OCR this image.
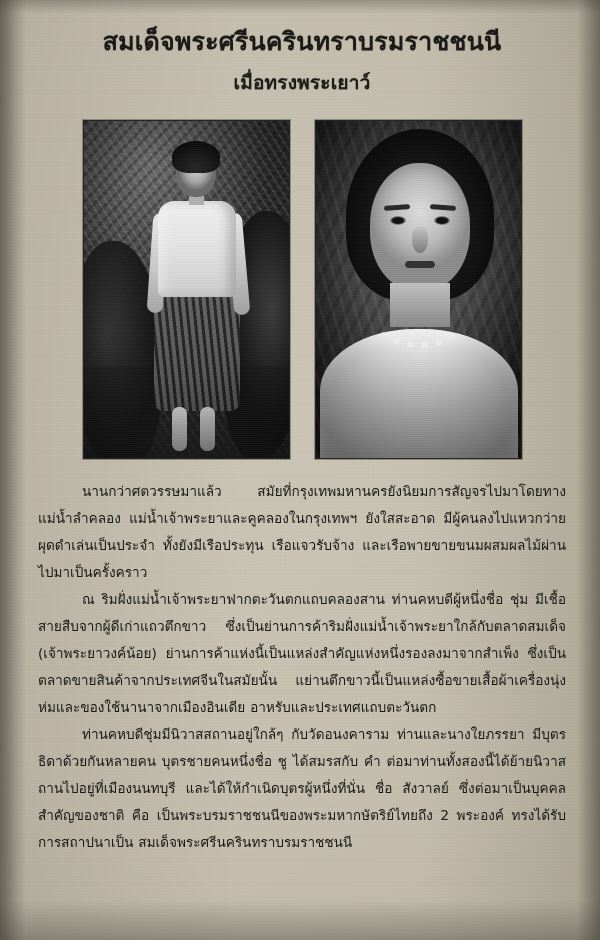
สมเด็จพระศรีนครินทราบรมราชชนนี
เมื่อทรงพระเยาว์

นานกว่าศตวรรษมาแล้ว สมัยที่กรุงเทพมหานครยังนิยมการสัญจรไปมาโดยทางแม่น้ำลำคลอง แม่น้ำเจ้าพระยาและคูคลองในกรุงเทพฯ ยังใสสะอาด มีผู้คนลงไปแหวกว่ายผุดดำเล่นเป็นประจำ ทั้งยังมีเรือประทุน เรือแจวรับจ้าง และเรือพายขายขนมผสมผลไม้ผ่านไปมาเป็นครั้งคราว

ณ ริมฝั่งแม่น้ำเจ้าพระยาฟากตะวันตกแถบคลองสาน ท่านคหบดีผู้หนึ่งชื่อ ชุ่ม มีเชื้อสายสืบจากผู้ดีเก่าแถวตึกขาว ซึ่งเป็นย่านการค้าริมฝั่งแม่น้ำเจ้าพระยาใกล้กับตลาดสมเด็จ (เจ้าพระยาวงค์น้อย) ย่านการค้าแห่งนี้เป็นแหล่งสำคัญแห่งหนึ่งรองลงมาจากสำเพ็ง ซึ่งเป็นตลาดขายสินค้าจากประเทศจีนในสมัยนั้น แย่านตึกขาวนี้เป็นแหล่งซื้อขายเสื้อผ้าเครื่องนุ่งห่มและของใช้นานาจากเมืองอินเดีย อาหรับและประเทศแถบตะวันตก

ท่านคหบดีชุ่มมีนิวาสสถานอยู่ใกล้ๆ กับวัดอนงคาราม ท่านและนางใยภรรยา มีบุตรธิดาด้วยกันหลายคน บุตรชายคนหนึ่งชื่อ ชู ได้สมรสกับ คำ ต่อมาท่านทั้งสองนี้ได้ย้ายนิวาสถานไปอยู่ที่เมืองนนทบุรี และได้ให้กำเนิดบุตรผู้หนึ่งที่นั่น ชื่อ สังวาลย์ ซึ่งต่อมาเป็นบุคคลสำคัญของชาติ คือ เป็นพระบรมราชชนนีของพระมหากษัตริย์ไทยถึง 2 พระองค์ ทรงได้รับการสถาปนาเป็น สมเด็จพระศรีนครินทราบรมราชชนนี
